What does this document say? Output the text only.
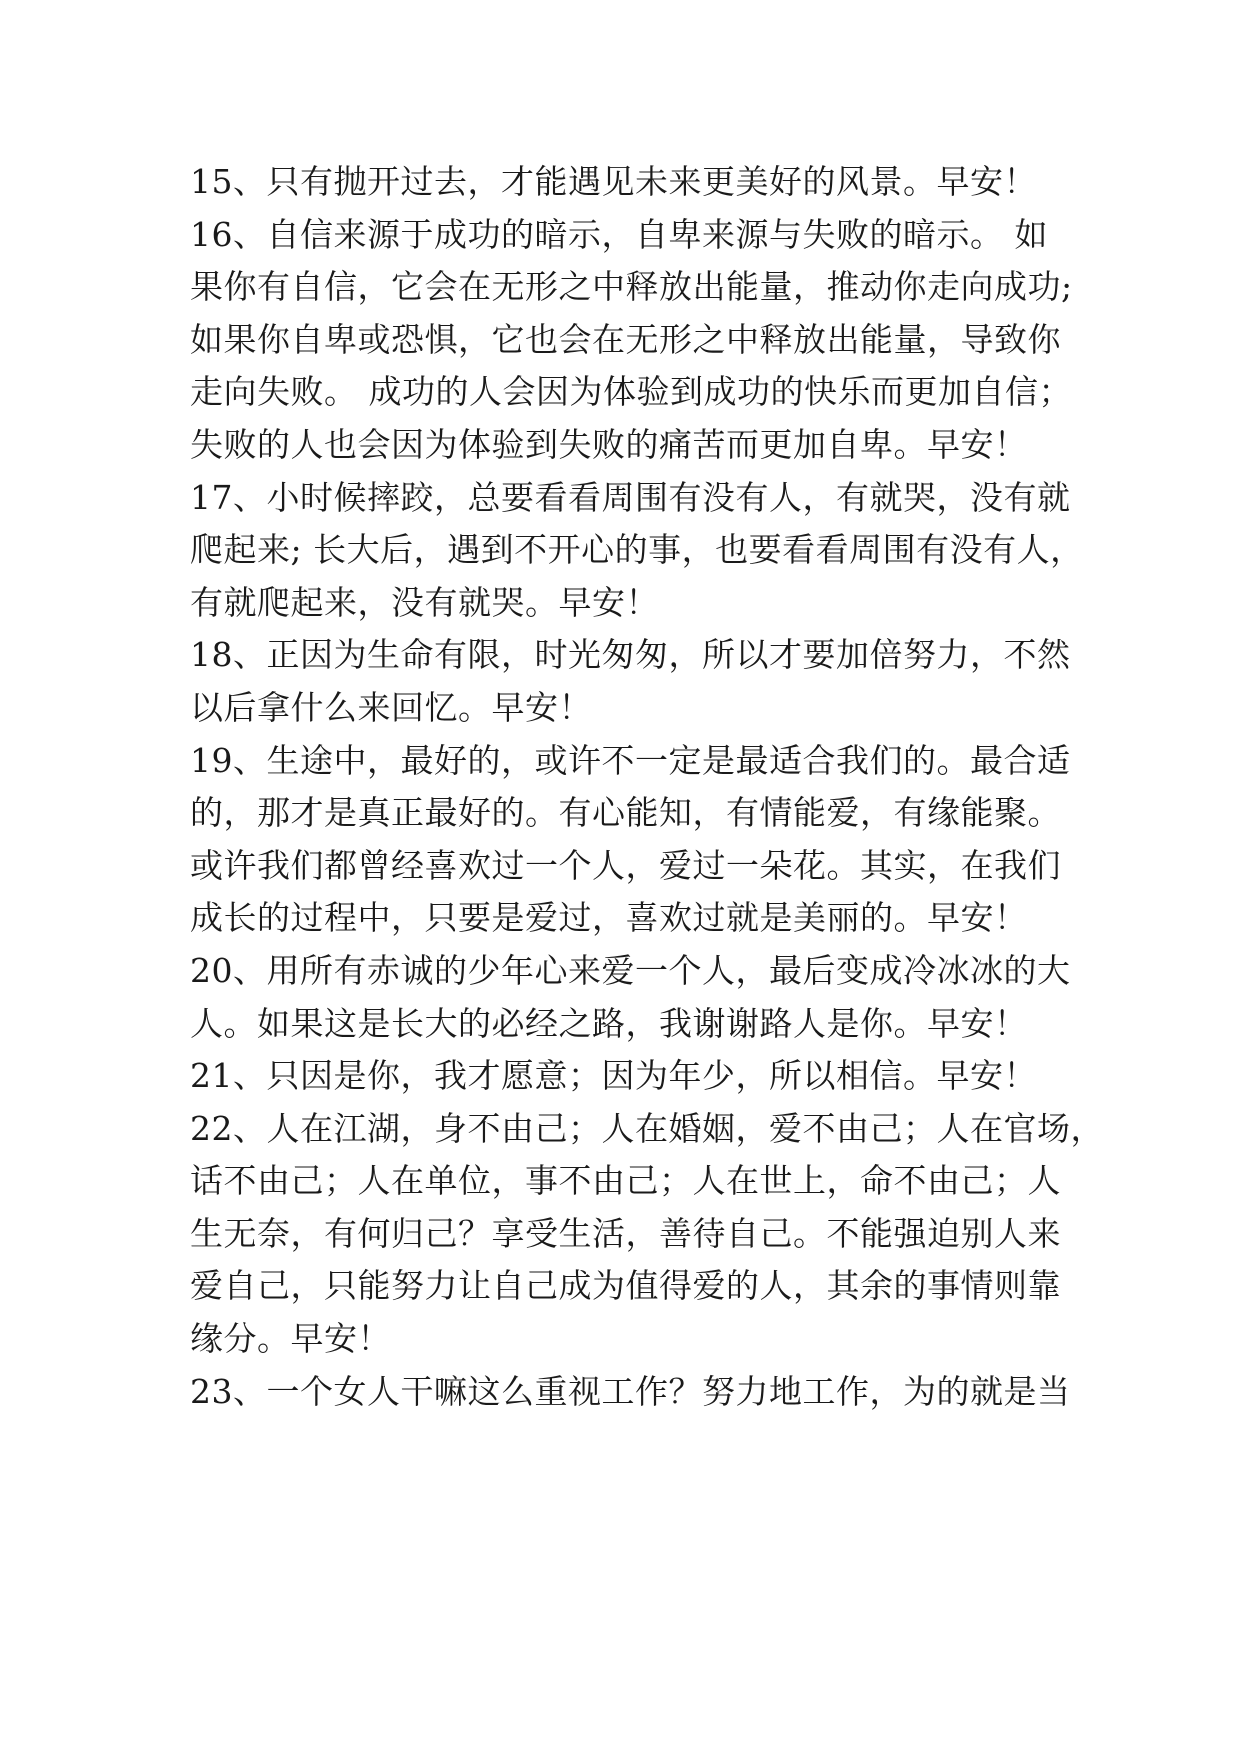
15、只有抛开过去，才能遇见未来更美好的风景。早安！

16、自信来源于成功的暗示，自卑来源与失败的暗示。 如
果你有自信，它会在无形之中释放出能量，推动你走向成功;
如果你自卑或恐惧，它也会在无形之中释放出能量，导致你
走向失败。 成功的人会因为体验到成功的快乐而更加自信；
失败的人也会因为体验到失败的痛苦而更加自卑。早安！

17、小时候摔跤，总要看看周围有没有人，有就哭，没有就
爬起来; 长大后，遇到不开心的事，也要看看周围有没有人，
有就爬起来，没有就哭。早安！

18、正因为生命有限，时光匆匆，所以才要加倍努力，不然
以后拿什么来回忆。早安！

19、生途中，最好的，或许不一定是最适合我们的。最合适
的，那才是真正最好的。有心能知，有情能爱，有缘能聚。
或许我们都曾经喜欢过一个人，爱过一朵花。其实，在我们
成长的过程中，只要是爱过，喜欢过就是美丽的。早安！

20、用所有赤诚的少年心来爱一个人，最后变成冷冰冰的大
人。如果这是长大的必经之路，我谢谢路人是你。早安！

21、只因是你，我才愿意；因为年少，所以相信。早安！

22、人在江湖，身不由己；人在婚姻，爱不由己；人在官场，
话不由己；人在单位，事不由己；人在世上，命不由己；人
生无奈，有何归己？享受生活，善待自己。不能强迫别人来
爱自己，只能努力让自己成为值得爱的人，其余的事情则靠
缘分。早安！

23、一个女人干嘛这么重视工作？努力地工作，为的就是当
